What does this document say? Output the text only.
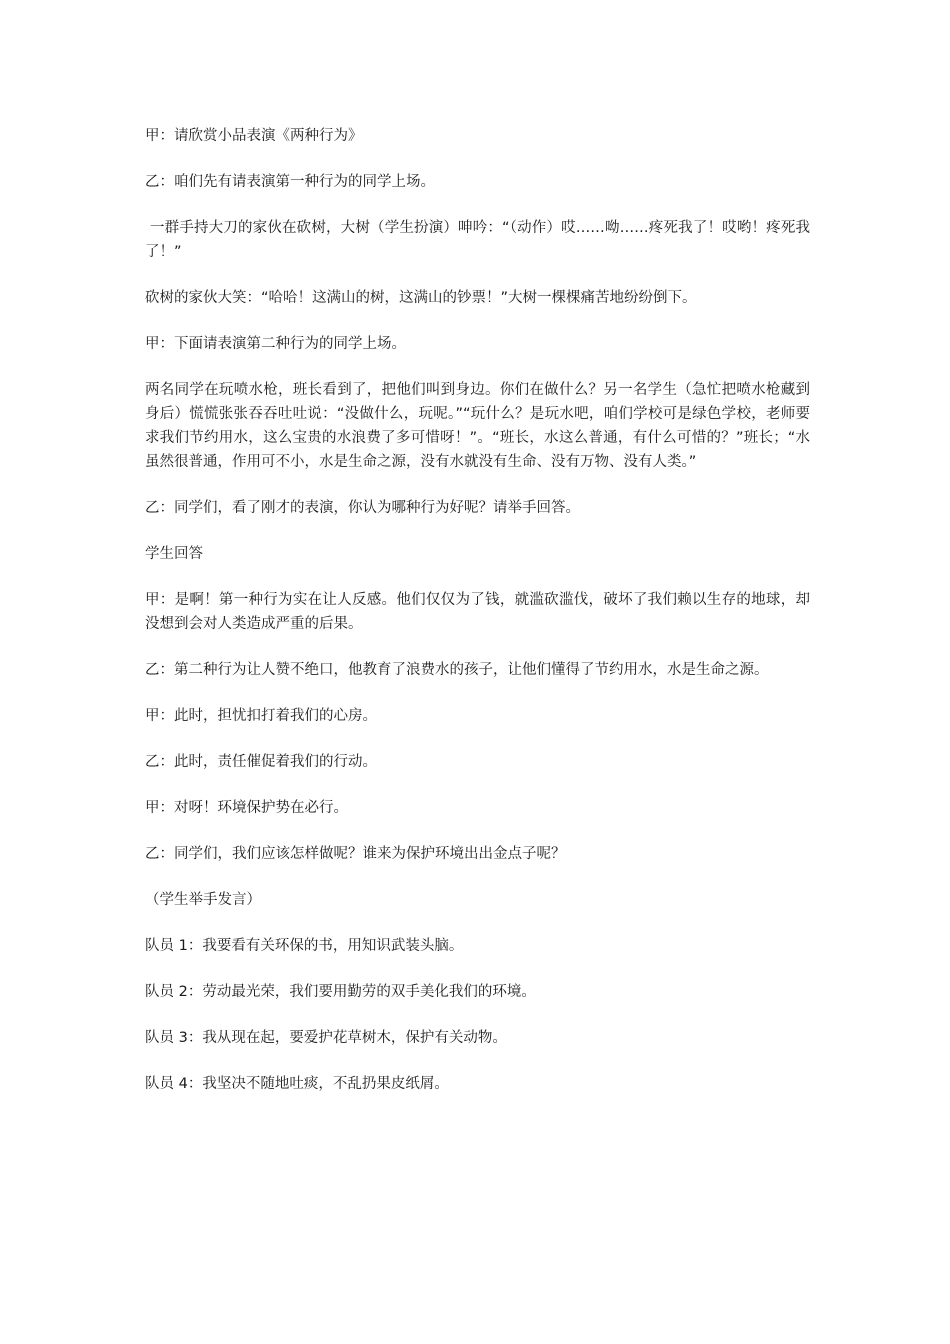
甲：请欣赏小品表演《两种行为》

乙：咱们先有请表演第一种行为的同学上场。

一群手持大刀的家伙在砍树，大树（学生扮演）呻吟：“（动作）哎……呦……疼死我了！哎哟！疼死我了！”

砍树的家伙大笑：“哈哈！这满山的树，这满山的钞票！”大树一棵棵痛苦地纷纷倒下。

甲：下面请表演第二种行为的同学上场。

两名同学在玩喷水枪，班长看到了，把他们叫到身边。你们在做什么？另一名学生（急忙把喷水枪藏到身后）慌慌张张吞吞吐吐说：“没做什么，玩呢。”“玩什么？是玩水吧，咱们学校可是绿色学校，老师要求我们节约用水，这么宝贵的水浪费了多可惜呀！”。“班长，水这么普通，有什么可惜的？”班长；“水虽然很普通，作用可不小，水是生命之源，没有水就没有生命、没有万物、没有人类。”

乙：同学们，看了刚才的表演，你认为哪种行为好呢？请举手回答。

学生回答

甲：是啊！第一种行为实在让人反感。他们仅仅为了钱，就滥砍滥伐，破坏了我们赖以生存的地球，却没想到会对人类造成严重的后果。

乙：第二种行为让人赞不绝口，他教育了浪费水的孩子，让他们懂得了节约用水，水是生命之源。

甲：此时，担忧扣打着我们的心房。

乙：此时，责任催促着我们的行动。

甲：对呀！环境保护势在必行。

乙：同学们，我们应该怎样做呢？谁来为保护环境出出金点子呢？

（学生举手发言）

队员 1：我要看有关环保的书，用知识武装头脑。

队员 2：劳动最光荣，我们要用勤劳的双手美化我们的环境。

队员 3：我从现在起，要爱护花草树木，保护有关动物。

队员 4：我坚决不随地吐痰，不乱扔果皮纸屑。
